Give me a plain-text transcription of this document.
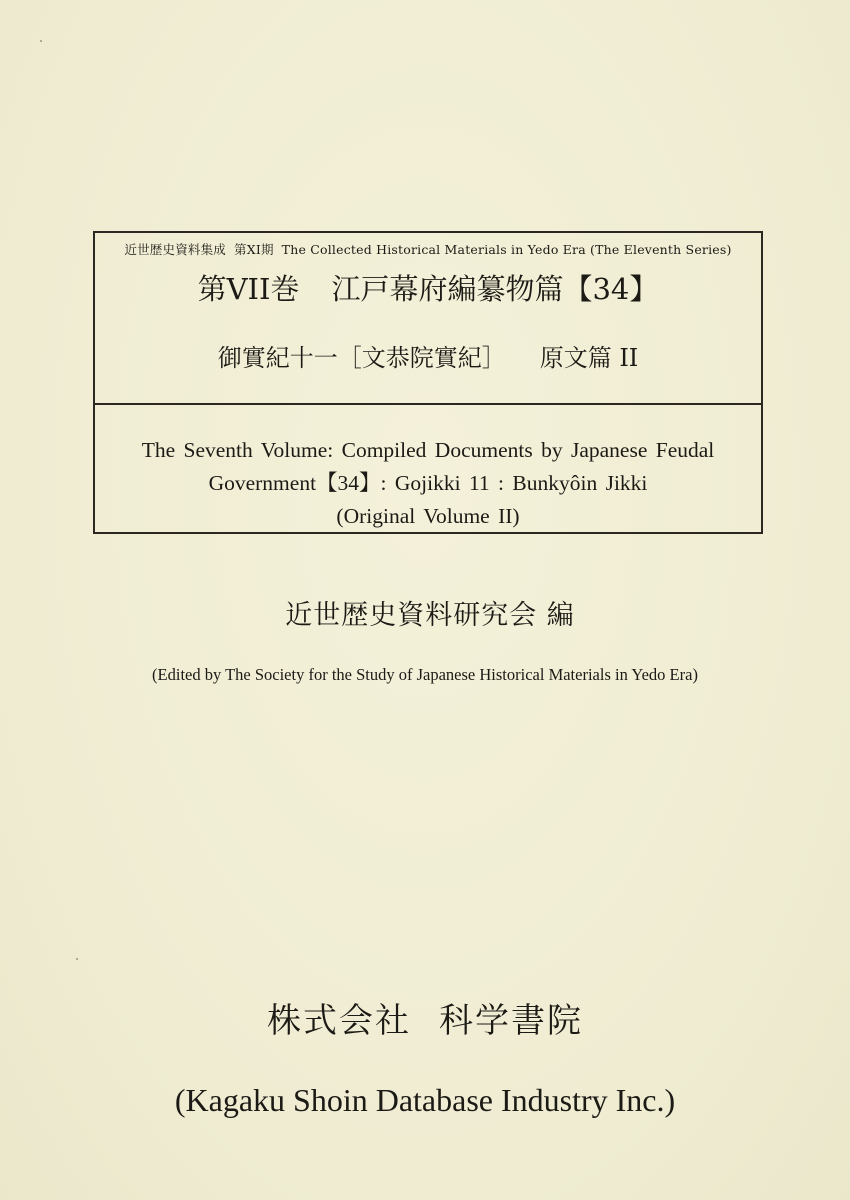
近世歴史資料集成 第XI期 The Collected Historical Materials in Yedo Era (The Eleventh Series)
第VII巻 江戸幕府編纂物篇【34】
御實紀十一［文恭院實紀］ 原文篇 II
The Seventh Volume: Compiled Documents by Japanese Feudal
Government【34】: Gojikki 11 : Bunkyôin Jikki
(Original Volume II)
近世歴史資料研究会 編
(Edited by The Society for the Study of Japanese Historical Materials in Yedo Era)
株式会社 科学書院
(Kagaku Shoin Database Industry Inc.)
